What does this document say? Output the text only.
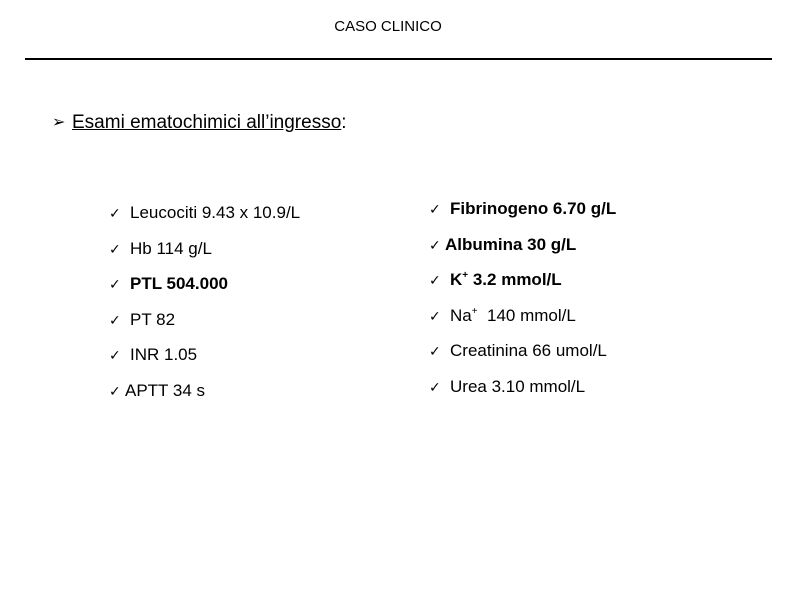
CASO CLINICO
➢ Esami ematochimici all’ingresso:
✓ Leucociti 9.43 x 10.9/L
✓ Hb 114 g/L
✓ PTL 504.000
✓ PT 82
✓ INR 1.05
✓ APTT 34 s
✓ Fibrinogeno 6.70 g/L
✓ Albumina 30 g/L
✓ K+ 3.2 mmol/L
✓ Na+  140 mmol/L
✓ Creatinina 66 umol/L
✓ Urea 3.10 mmol/L
